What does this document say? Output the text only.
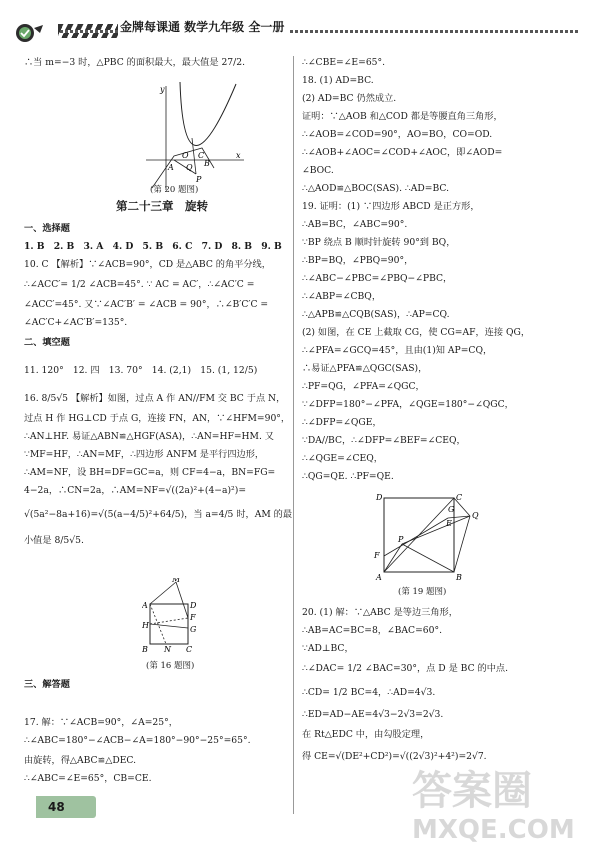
金牌每课通 数学九年级 全一册
∴当 m=−3 时，△PBC 的面积最大，最大值是 27/2.
y
x
A
O
Q
C
B
P
(第 20 题图)
第二十三章　旋转
一、选择题
1. B　2. B　3. A　4. D　5. B　6. C　7. D　8. B　9. B
10. C 【解析】∵∠ACB=90°，CD 是△ABC 的角平分线，
∴∠ACC′= 1/2 ∠ACB=45°. ∵ AC = AC′，∴∠AC′C =
∠ACC′=45°. 又∵∠AC′B′ = ∠ACB = 90°，∴∠B′C′C =
∠AC′C+∠AC′B′=135°.
二、填空题
11. 120°　12. 四　13. 70°　14. (2,1)　15. (1, 12/5)
16. 8/5√5 【解析】如图，过点 A 作 AN//FM 交 BC 于点 N，
过点 H 作 HG⊥CD 于点 G，连接 FN，AN，∵∠HFM=90°，
∴AN⊥HF. 易证△ABN≌△HGF(ASA)，∴AN=HF=HM. 又
∵MF=HF，∴AN=MF，∴四边形 ANFM 是平行四边形，
∴AM=NF，设 BH=DF=GC=a，则 CF=4−a，BN=FG=
4−2a，∴CN=2a，∴AM=NF=√((2a)²+(4−a)²)=
√(5a²−8a+16)=√(5(a−4/5)²+64/5)，当 a=4/5 时，AM 的最
小值是 8/5√5.
M
A	D
F
H	G
B N C
(第 16 题图)
三、解答题
17. 解：∵∠ACB=90°，∠A=25°，
∴∠ABC=180°−∠ACB−∠A=180°−90°−25°=65°.
由旋转，得△ABC≌△DEC.
∴∠ABC=∠E=65°，CB=CE.
∴∠CBE=∠E=65°.
18. (1) AD=BC.
(2) AD=BC 仍然成立.
证明：∵△AOB 和△COD 都是等腰直角三角形，
∴∠AOB=∠COD=90°，AO=BO，CO=OD.
∴∠AOB+∠AOC=∠COD+∠AOC，即∠AOD=
∠BOC.
∴△AOD≌△BOC(SAS). ∴AD=BC.
19. 证明：(1) ∵四边形 ABCD 是正方形，
∴AB=BC，∠ABC=90°.
∵BP 绕点 B 顺时针旋转 90°到 BQ，
∴BP=BQ，∠PBQ=90°，
∴∠ABC−∠PBC=∠PBQ−∠PBC，
∴∠ABP=∠CBQ，
∴△APB≌△CQB(SAS)，∴AP=CQ.
(2) 如图，在 CE 上截取 CG，使 CG=AF，连接 QG，
∴∠PFA=∠GCQ=45°，且由(1)知 AP=CQ，
∴易证△PFA≌△QGC(SAS)，
∴PF=QG，∠PFA=∠QGC，
∵∠DFP=180°−∠PFA，∠QGE=180°−∠QGC，
∴∠DFP=∠QGE，
∵DA//BC，∴∠DFP=∠BEF=∠CEQ，
∴∠QGE=∠CEQ，
∴QG=QE. ∴PF=QE.
D	C
G
E
Q
P
F
A	B
(第 19 题图)
20. (1) 解：∵△ABC 是等边三角形，
∴AB=AC=BC=8，∠BAC=60°.
∵AD⊥BC，
∴∠DAC= 1/2 ∠BAC=30°，点 D 是 BC 的中点.
∴CD= 1/2 BC=4，∴AD=4√3.
∴ED=AD−AE=4√3−2√3=2√3.
在 Rt△EDC 中，由勾股定理，
得 CE=√(DE²+CD²)=√((2√3)²+4²)=2√7.
48	答案圈
MXQE.COM
